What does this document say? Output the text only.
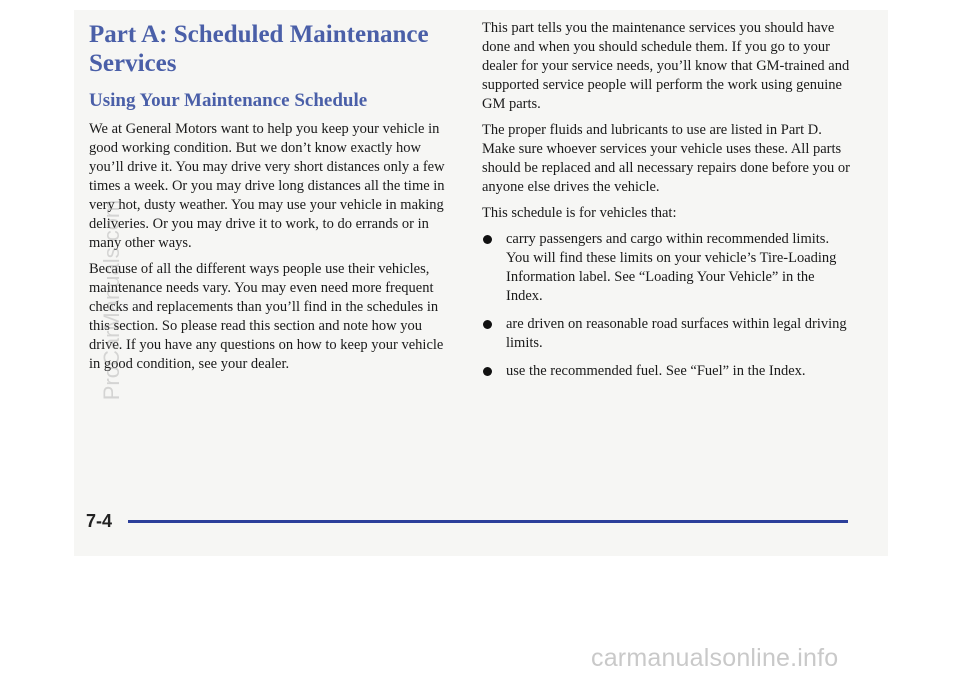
Part A: Scheduled Maintenance Services
Using Your Maintenance Schedule

We at General Motors want to help you keep your vehicle in good working condition. But we don’t know exactly how you’ll drive it. You may drive very short distances only a few times a week. Or you may drive long distances all the time in very hot, dusty weather. You may use your vehicle in making deliveries. Or you may drive it to work, to do errands or in many other ways.

Because of all the different ways people use their vehicles, maintenance needs vary. You may even need more frequent checks and replacements than you’ll find in the schedules in this section. So please read this section and note how you drive. If you have any questions on how to keep your vehicle in good condition, see your dealer.

This part tells you the maintenance services you should have done and when you should schedule them. If you go to your dealer for your service needs, you’ll know that GM-trained and supported service people will perform the work using genuine GM parts.

The proper fluids and lubricants to use are listed in Part D. Make sure whoever services your vehicle uses these. All parts should be replaced and all necessary repairs done before you or anyone else drives the vehicle.

This schedule is for vehicles that:

carry passengers and cargo within recommended limits. You will find these limits on your vehicle’s Tire-Loading Information label. See “Loading Your Vehicle” in the Index.
are driven on reasonable road surfaces within legal driving limits.
use the recommended fuel. See “Fuel” in the Index.
7-4
ProCarManuals.com
carmanualsonline.info
